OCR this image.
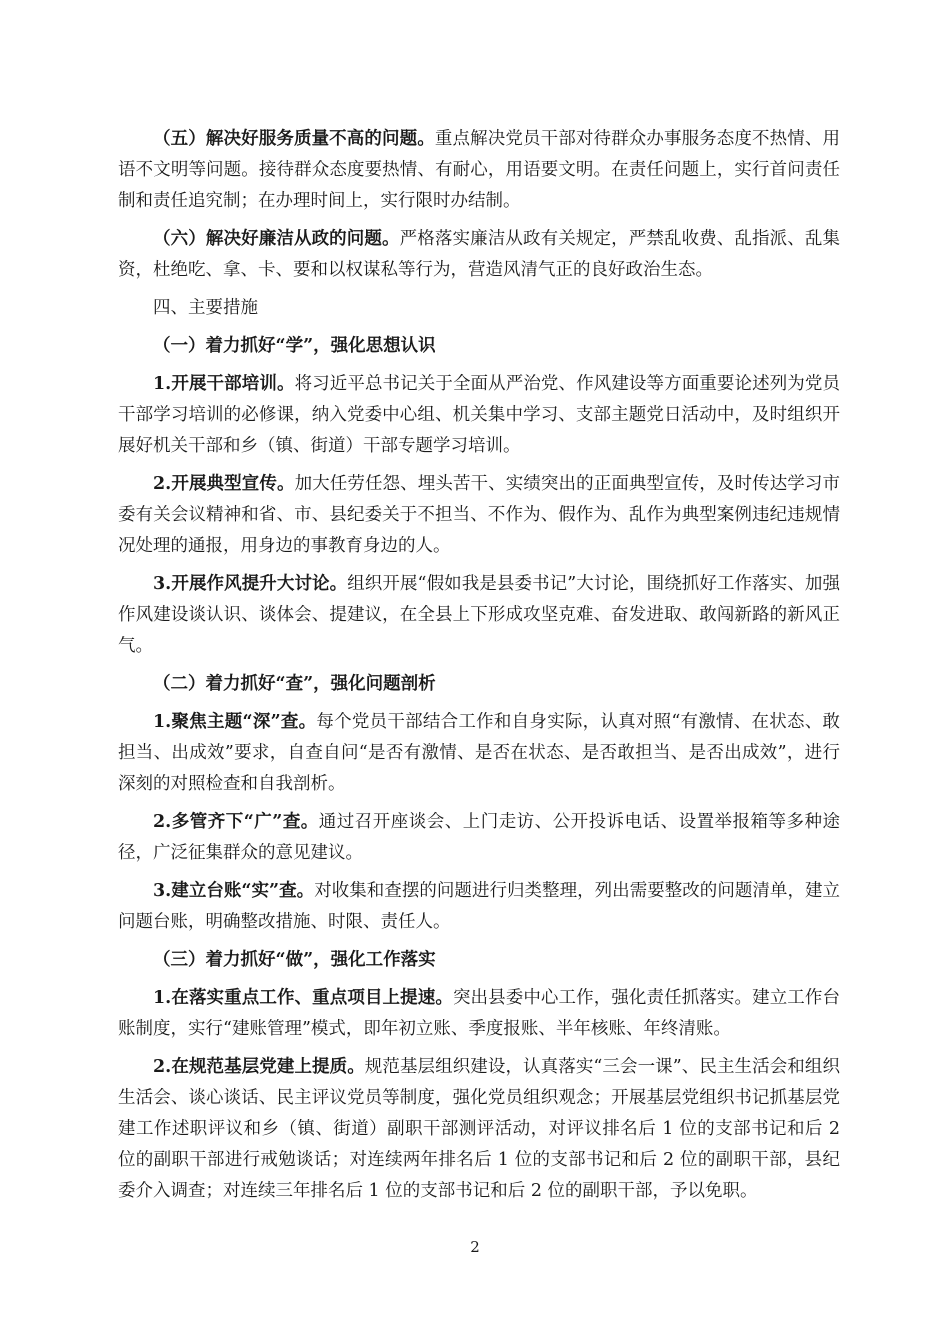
（五）解决好服务质量不高的问题。重点解决党员干部对待群众办事服务态度不热情、用语不文明等问题。接待群众态度要热情、有耐心，用语要文明。在责任问题上，实行首问责任制和责任追究制；在办理时间上，实行限时办结制。

（六）解决好廉洁从政的问题。严格落实廉洁从政有关规定，严禁乱收费、乱指派、乱集资，杜绝吃、拿、卡、要和以权谋私等行为，营造风清气正的良好政治生态。

四、主要措施

（一）着力抓好“学”，强化思想认识

1.开展干部培训。将习近平总书记关于全面从严治党、作风建设等方面重要论述列为党员干部学习培训的必修课，纳入党委中心组、机关集中学习、支部主题党日活动中，及时组织开展好机关干部和乡（镇、街道）干部专题学习培训。

2.开展典型宣传。加大任劳任怨、埋头苦干、实绩突出的正面典型宣传，及时传达学习市委有关会议精神和省、市、县纪委关于不担当、不作为、假作为、乱作为典型案例违纪违规情况处理的通报，用身边的事教育身边的人。

3.开展作风提升大讨论。组织开展“假如我是县委书记”大讨论，围绕抓好工作落实、加强作风建设谈认识、谈体会、提建议，在全县上下形成攻坚克难、奋发进取、敢闯新路的新风正气。

（二）着力抓好“查”，强化问题剖析

1.聚焦主题“深”查。每个党员干部结合工作和自身实际，认真对照“有激情、在状态、敢担当、出成效”要求，自查自问“是否有激情、是否在状态、是否敢担当、是否出成效”，进行深刻的对照检查和自我剖析。

2.多管齐下“广”查。通过召开座谈会、上门走访、公开投诉电话、设置举报箱等多种途径，广泛征集群众的意见建议。

3.建立台账“实”查。对收集和查摆的问题进行归类整理，列出需要整改的问题清单，建立问题台账，明确整改措施、时限、责任人。

（三）着力抓好“做”，强化工作落实

1.在落实重点工作、重点项目上提速。突出县委中心工作，强化责任抓落实。建立工作台账制度，实行“建账管理”模式，即年初立账、季度报账、半年核账、年终清账。

2.在规范基层党建上提质。规范基层组织建设，认真落实“三会一课”、民主生活会和组织生活会、谈心谈话、民主评议党员等制度，强化党员组织观念；开展基层党组织书记抓基层党建工作述职评议和乡（镇、街道）副职干部测评活动，对评议排名后 1 位的支部书记和后 2 位的副职干部进行戒勉谈话；对连续两年排名后 1 位的支部书记和后 2 位的副职干部，县纪委介入调查；对连续三年排名后 1 位的支部书记和后 2 位的副职干部，予以免职。

2
